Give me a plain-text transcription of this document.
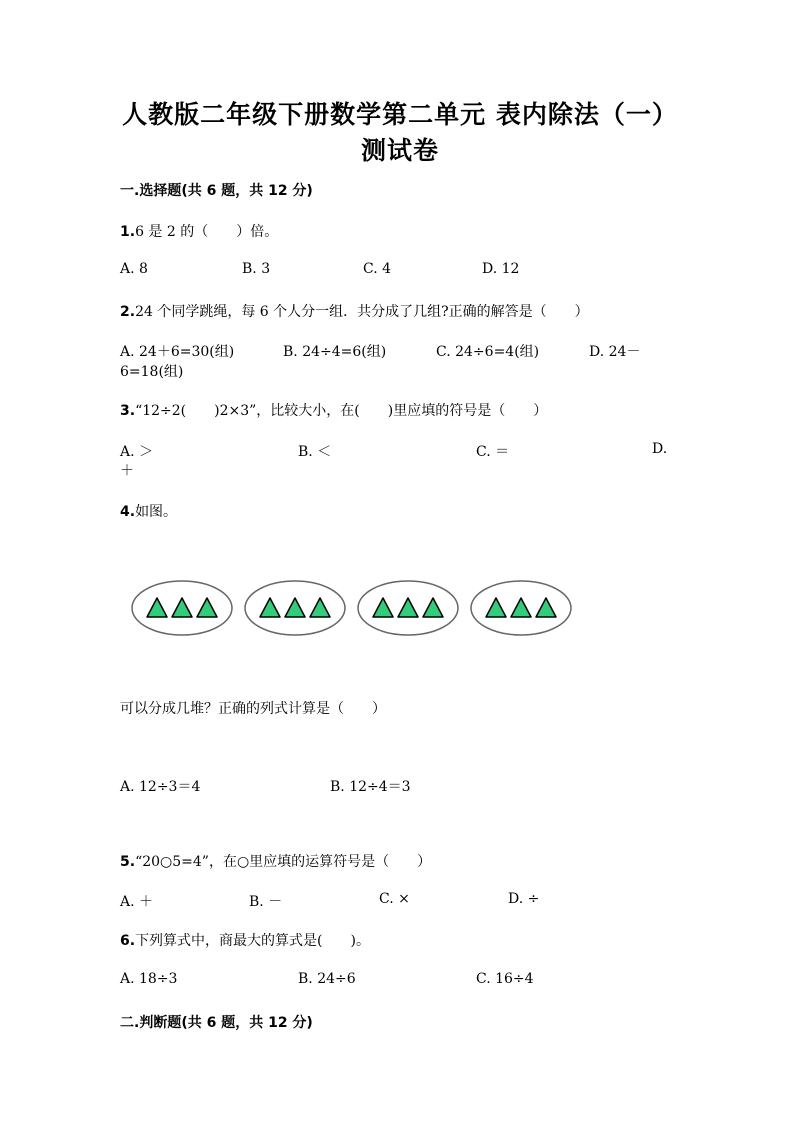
人教版二年级下册数学第二单元 表内除法（一）
测试卷
一.选择题(共 6 题，共 12 分)
1.6 是 2 的（　　）倍。
A. 8	B. 3	C. 4	D. 12
2.24 个同学跳绳，每 6 个人分一组．共分成了几组?正确的解答是（　　）
A. 24＋6=30(组)	B. 24÷4=6(组)	C. 24÷6=4(组)	D. 24－
6=18(组)
3.“12÷2(　　)2×3”，比较大小，在(　　)里应填的符号是（　　）
A. ＞	B. ＜	C. ＝	D.
＋
4.如图。
可以分成几堆？正确的列式计算是（　　）
A. 12÷3＝4	B. 12÷4＝3
5.“20○5=4”，在○里应填的运算符号是（　　）
A. ＋	B. －	C. ×	D. ÷
6.下列算式中，商最大的算式是(　　)。
A. 18÷3	B. 24÷6	C. 16÷4
二.判断题(共 6 题，共 12 分)
